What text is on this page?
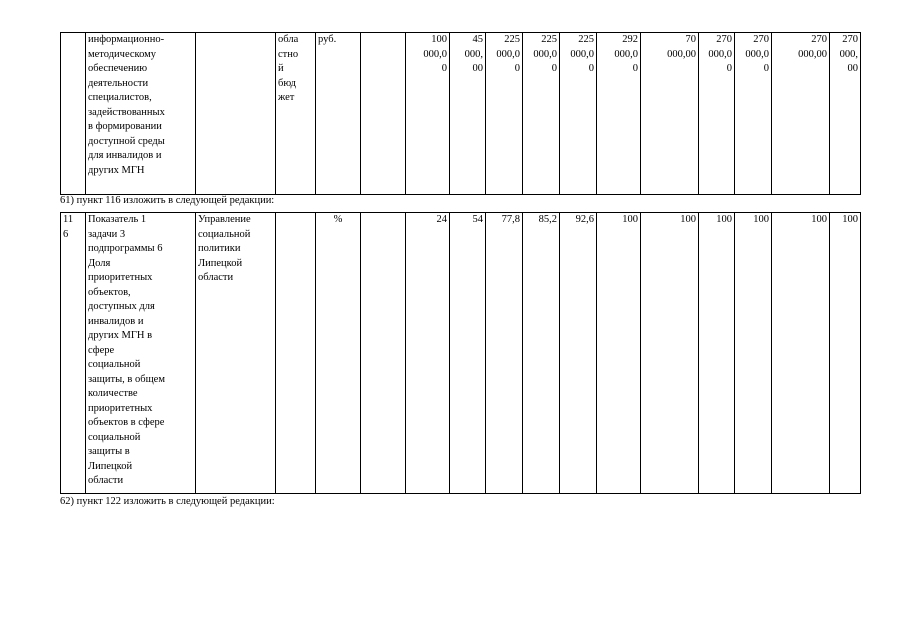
	информационно-
методическому
обеспечению
деятельности
специалистов,
задействованных
в формировании
доступной среды
для инвалидов и
других МГН		обла
стно
й
бюд
жет	руб.		100
000,0
0	45
000,
00	225
000,0
0	225
000,0
0	225
000,0
0	292
000,0
0	70
000,00	270
000,0
0	270
000,0
0	270
000,00	270
000,
00
61) пункт 116 изложить в следующей редакции:
11
6	Показатель 1
задачи 3
подпрограммы 6
Доля
приоритетных
объектов,
доступных для
инвалидов и
других МГН в
сфере
социальной
защиты, в общем
количестве
приоритетных
объектов в сфере
социальной
защиты в
Липецкой
области	Управление
социальной
политики
Липецкой
области		%		24	54	77,8	85,2	92,6	100	100	100	100	100	100
62) пункт 122 изложить в следующей редакции:
